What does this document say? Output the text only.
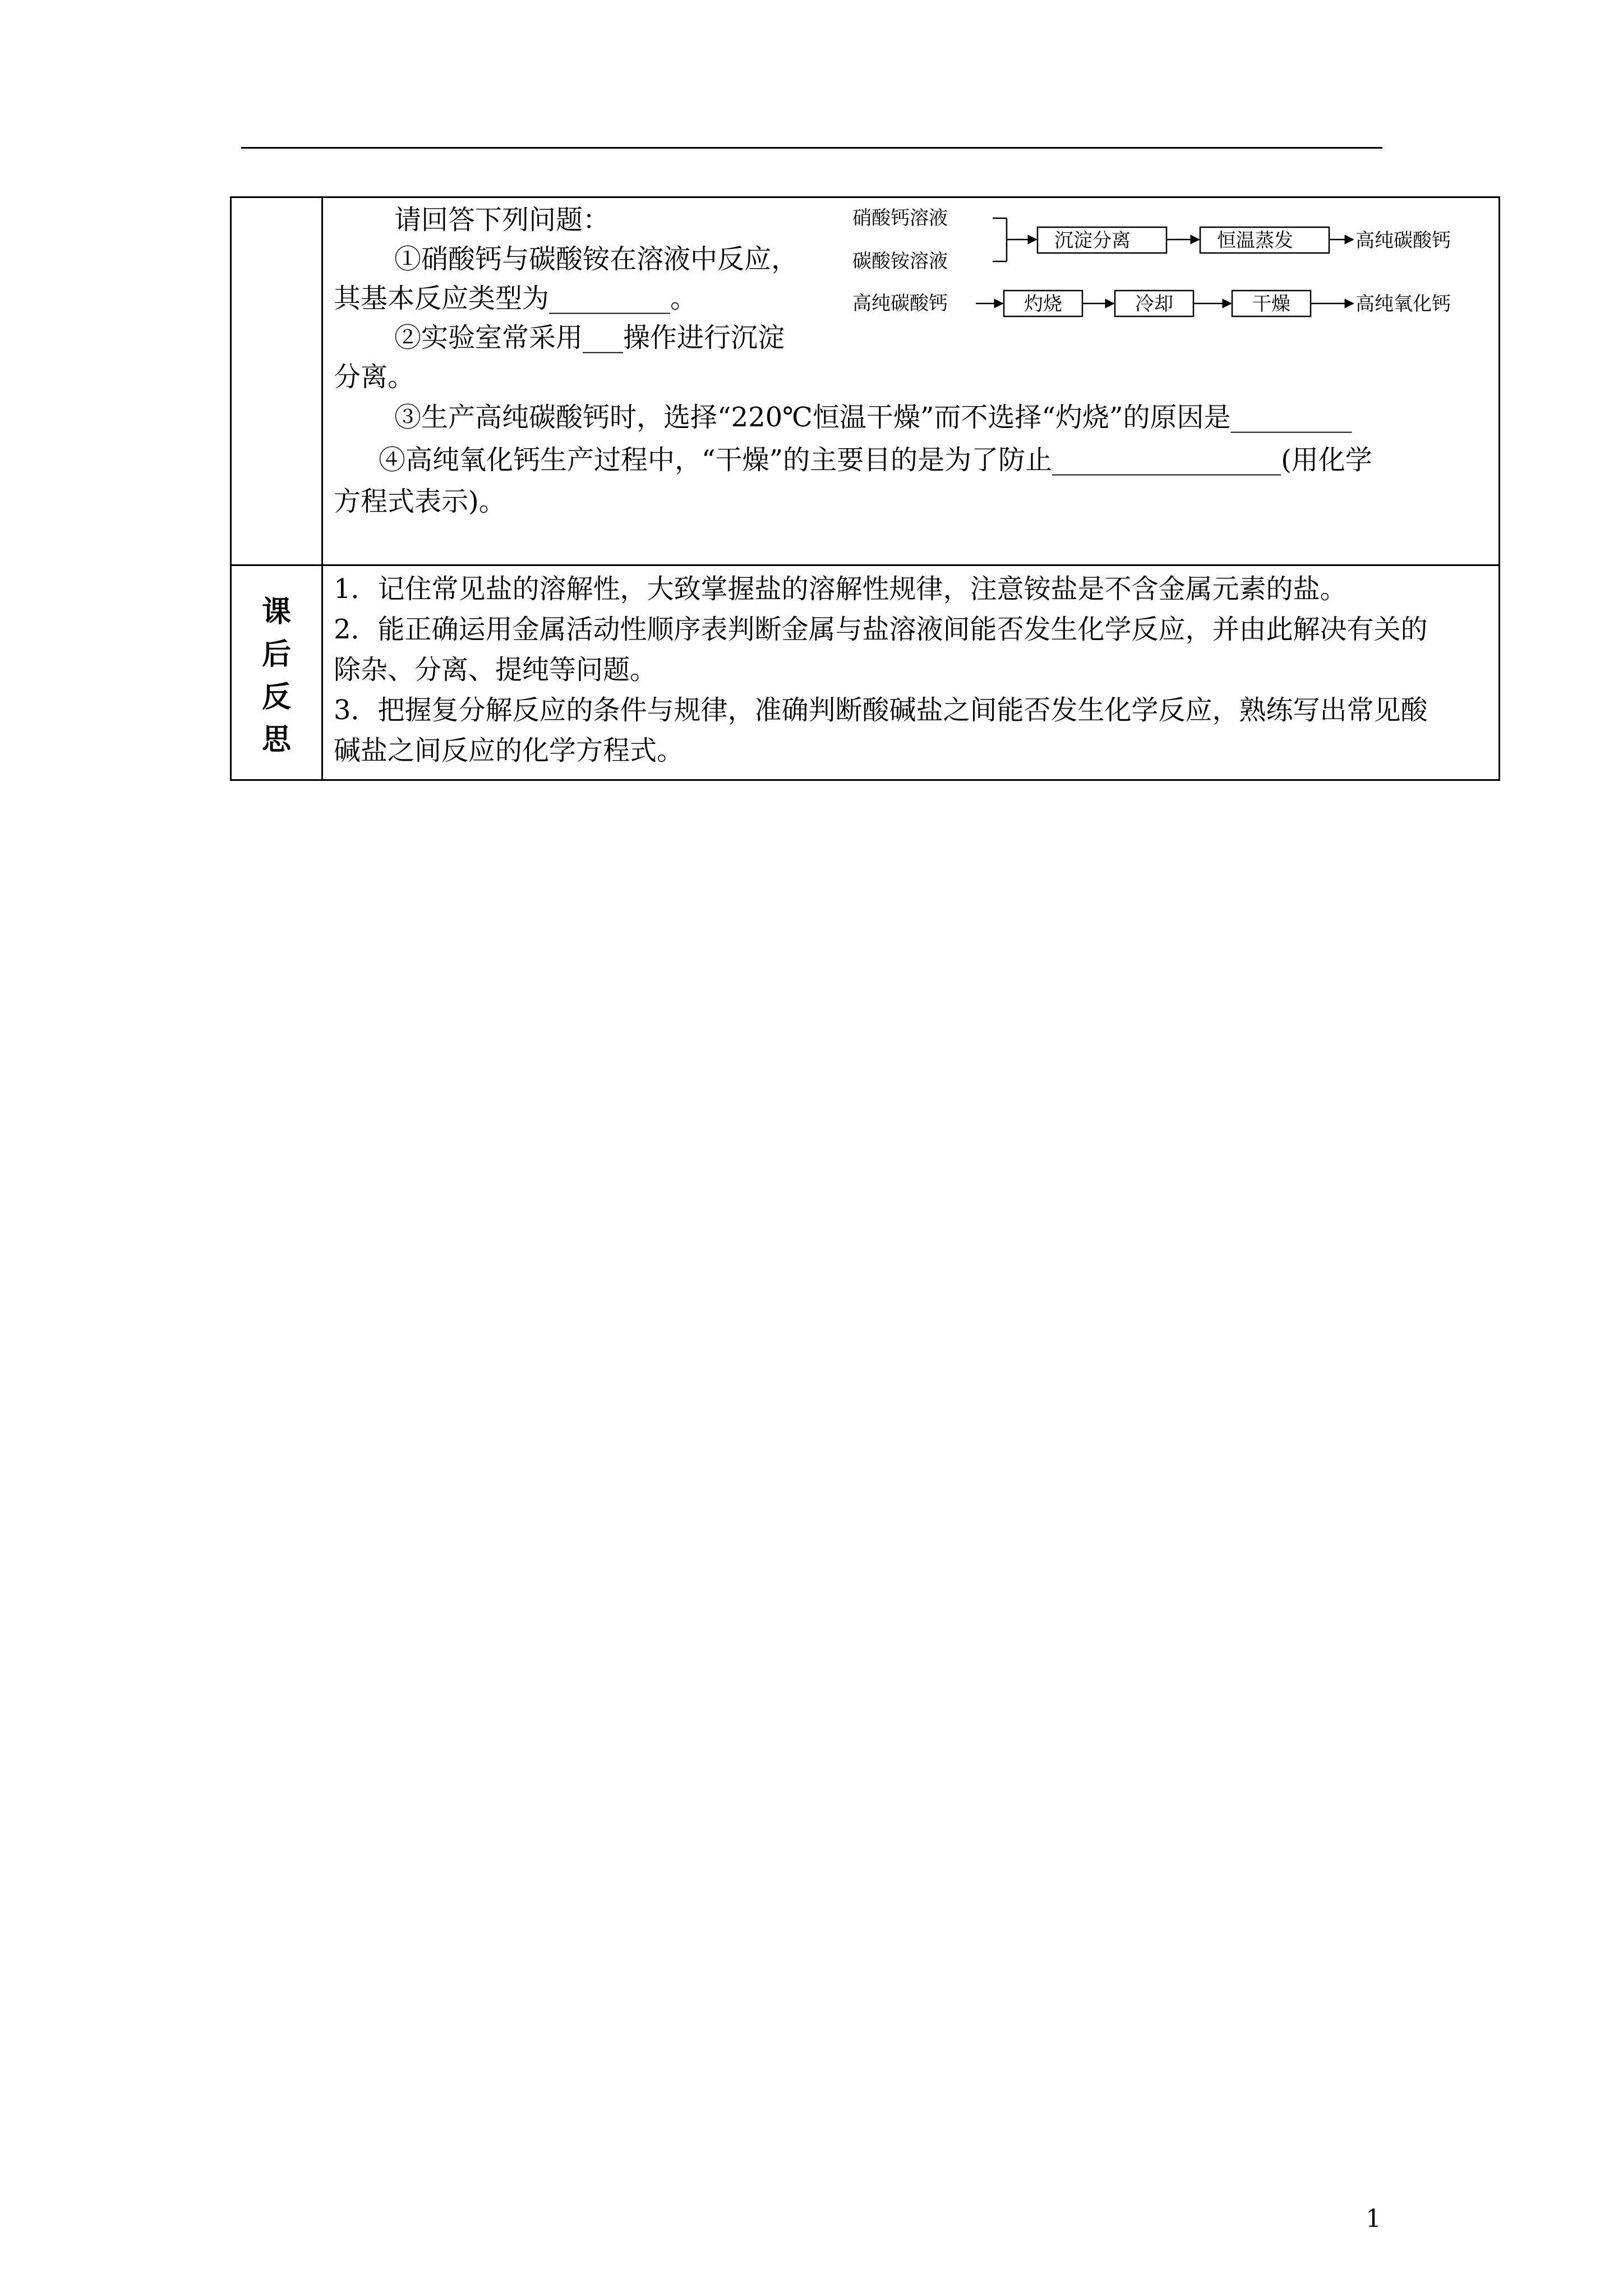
请回答下列问题：
①硝酸钙与碳酸铵在溶液中反应，
其基本反应类型为_________。
②实验室常采用___操作进行沉淀
分离。
③生产高纯碳酸钙时，选择“220℃恒温干燥”而不选择“灼烧”的原因是_________
④高纯氧化钙生产过程中，“干燥”的主要目的是为了防止_________________(用化学
方程式表示)。
课
后
反
思
1．记住常见盐的溶解性，大致掌握盐的溶解性规律，注意铵盐是不含金属元素的盐。
2．能正确运用金属活动性顺序表判断金属与盐溶液间能否发生化学反应，并由此解决有关的
除杂、分离、提纯等问题。
3．把握复分解反应的条件与规律，准确判断酸碱盐之间能否发生化学反应，熟练写出常见酸
碱盐之间反应的化学方程式。
硝酸钙溶液
碳酸铵溶液
沉淀分离	恒温蒸发	高纯碳酸钙
高纯碳酸钙	灼烧	冷却	干燥	高纯氧化钙
1
